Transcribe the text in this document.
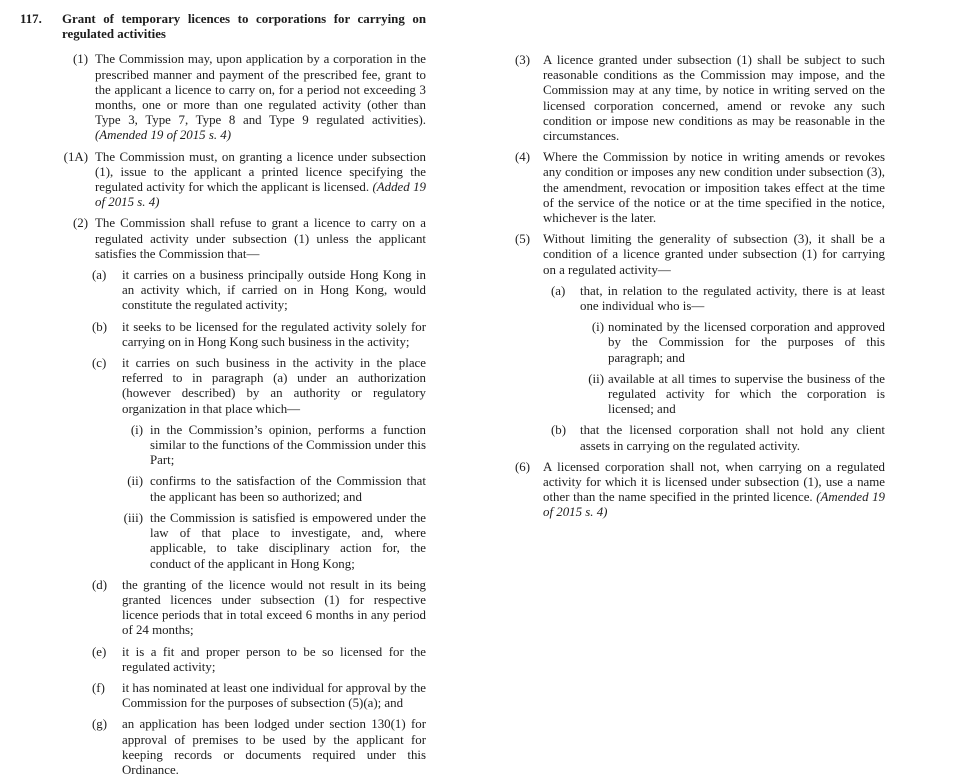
117.	Grant of temporary licences to corporations for carrying on regulated activities
(1) The Commission may, upon application by a corporation in the prescribed manner and payment of the prescribed fee, grant to the applicant a licence to carry on, for a period not exceeding 3 months, one or more than one regulated activity (other than Type 3, Type 7, Type 8 and Type 9 regulated activities). (Amended 19 of 2015 s. 4)
(1A) The Commission must, on granting a licence under subsection (1), issue to the applicant a printed licence specifying the regulated activity for which the applicant is licensed. (Added 19 of 2015 s. 4)
(2) The Commission shall refuse to grant a licence to carry on a regulated activity under subsection (1) unless the applicant satisfies the Commission that—
(a)	it carries on a business principally outside Hong Kong in an activity which, if carried on in Hong Kong, would constitute the regulated activity;
(b)	it seeks to be licensed for the regulated activity solely for carrying on in Hong Kong such business in the activity;
(c)	it carries on such business in the activity in the place referred to in paragraph (a) under an authorization (however described) by an authority or regulatory organization in that place which—
(i) in the Commission’s opinion, performs a function similar to the functions of the Commission under this Part;
(ii) confirms to the satisfaction of the Commission that the applicant has been so authorized; and
(iii) the Commission is satisfied is empowered under the law of that place to investigate, and, where applicable, to take disciplinary action for, the conduct of the applicant in Hong Kong;
(d)	the granting of the licence would not result in its being granted licences under subsection (1) for respective licence periods that in total exceed 6 months in any period of 24 months;
(e)	it is a fit and proper person to be so licensed for the regulated activity;
(f)	it has nominated at least one individual for approval by the Commission for the purposes of subsection (5)(a); and
(g)	an application has been lodged under section 130(1) for approval of premises to be used by the applicant for keeping records or documents required under this Ordinance.
(3)	A licence granted under subsection (1) shall be subject to such reasonable conditions as the Commission may impose, and the Commission may at any time, by notice in writing served on the licensed corporation concerned, amend or revoke any such condition or impose new conditions as may be reasonable in the circumstances.
(4)	Where the Commission by notice in writing amends or revokes any condition or imposes any new condition under subsection (3), the amendment, revocation or imposition takes effect at the time of the service of the notice or at the time specified in the notice, whichever is the later.
(5)	Without limiting the generality of subsection (3), it shall be a condition of a licence granted under subsection (1) for carrying on a regulated activity—
(a)	that, in relation to the regulated activity, there is at least one individual who is—
(i) nominated by the licensed corporation and approved by the Commission for the purposes of this paragraph; and
(ii) available at all times to supervise the business of the regulated activity for which the corporation is licensed; and
(b)	that the licensed corporation shall not hold any client assets in carrying on the regulated activity.
(6)	A licensed corporation shall not, when carrying on a regulated activity for which it is licensed under subsection (1), use a name other than the name specified in the printed licence. (Amended 19 of 2015 s. 4)
